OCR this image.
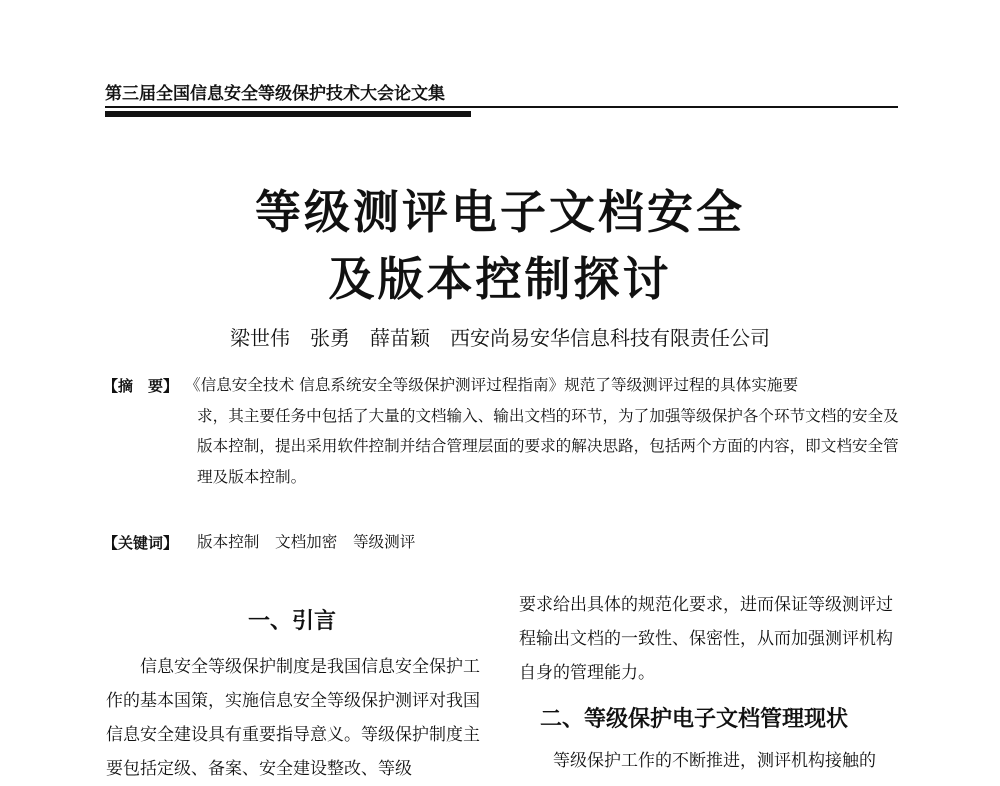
第三届全国信息安全等级保护技术大会论文集
等级测评电子文档安全
及版本控制探讨
梁世伟　张勇　薛苗颖　西安尚易安华信息科技有限责任公司
【摘　要】 《信息安全技术 信息系统安全等级保护测评过程指南》规范了等级测评过程的具体实施要
求，其主要任务中包括了大量的文档输入、输出文档的环节，为了加强等级保护各个环节文档的安全及版本控制，提出采用软件控制并结合管理层面的要求的解决思路，包括两个方面的内容，即文档安全管理及版本控制。

【关键词】 版本控制　文档加密　等级测评
一、引言

信息安全等级保护制度是我国信息安全保护工作的基本国策，实施信息安全等级保护测评对我国信息安全建设具有重要指导意义。等级保护制度主要包括定级、备案、安全建设整改、等级

要求给出具体的规范化要求，进而保证等级测评过程输出文档的一致性、保密性，从而加强测评机构自身的管理能力。

二、等级保护电子文档管理现状

等级保护工作的不断推进，测评机构接触的
